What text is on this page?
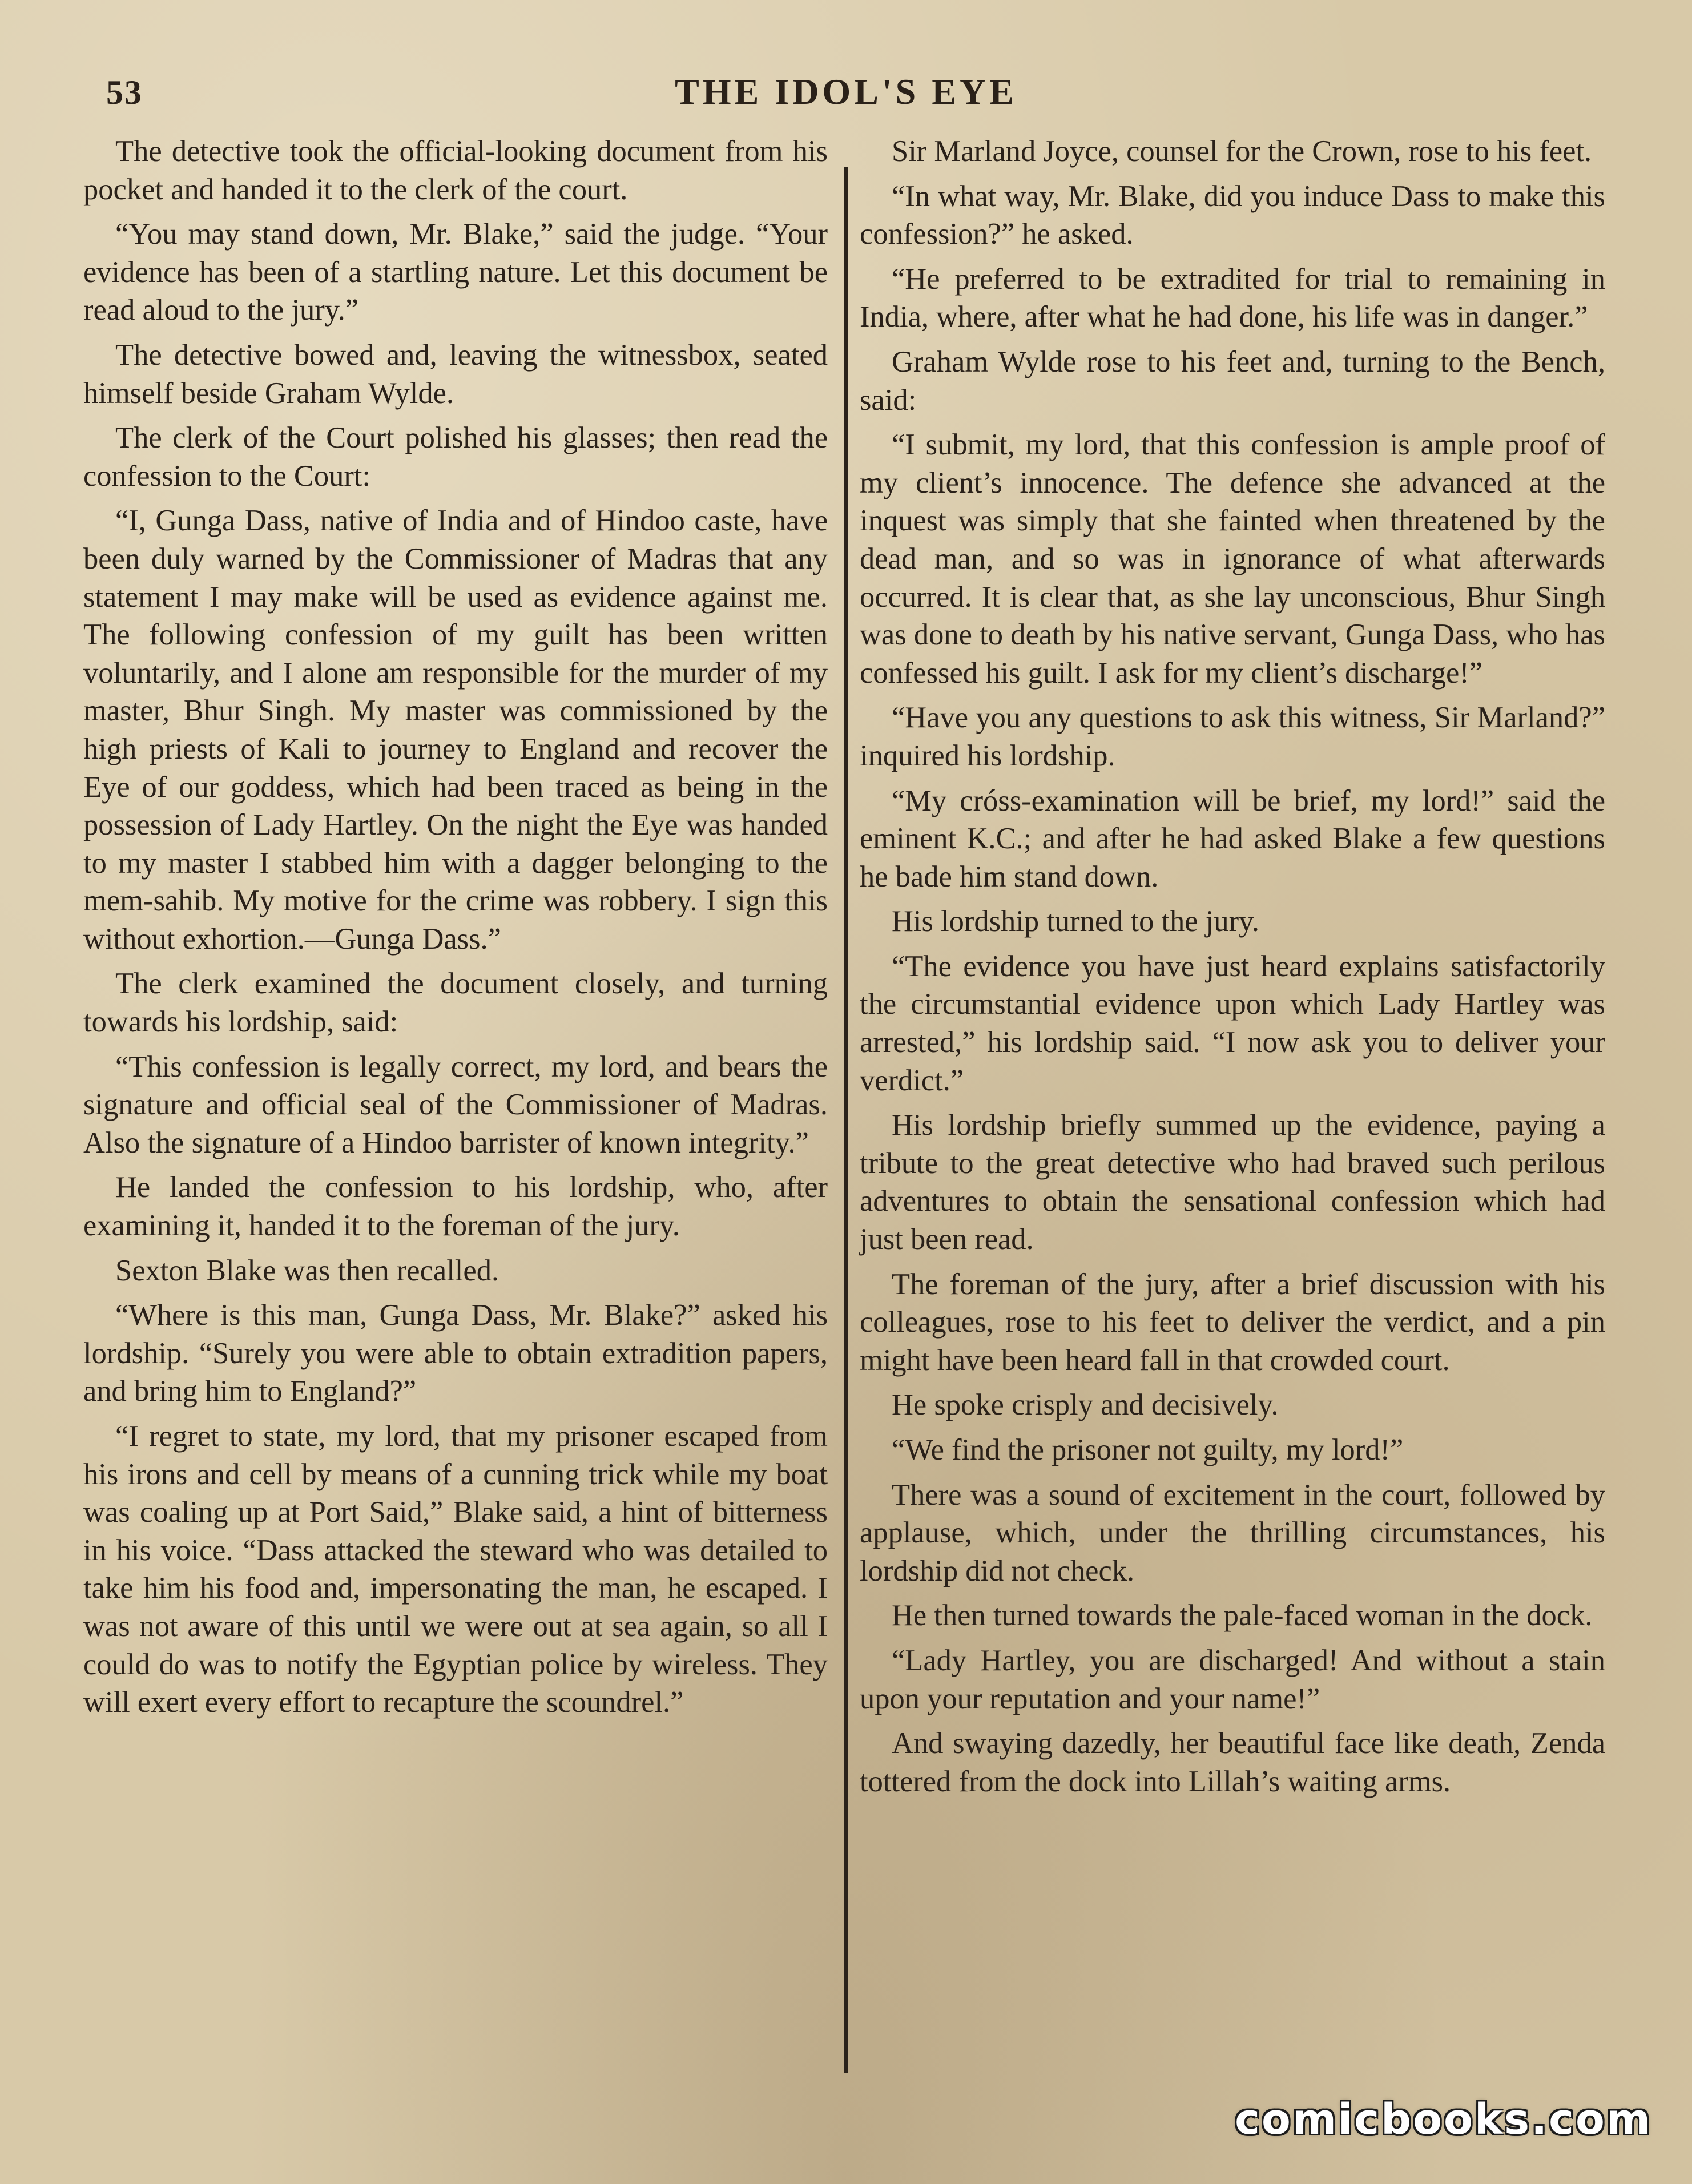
53	THE IDOL'S EYE

The detective took the official-looking document from his pocket and handed it to the clerk of the court.

“You may stand down, Mr. Blake,” said the judge. “Your evidence has been of a startling nature. Let this document be read aloud to the jury.”

The detective bowed and, leaving the witnessbox, seated himself beside Graham Wylde.

The clerk of the Court polished his glasses; then read the confession to the Court:

“I, Gunga Dass, native of India and of Hindoo caste, have been duly warned by the Commissioner of Madras that any statement I may make will be used as evidence against me. The following confession of my guilt has been written voluntarily, and I alone am responsible for the murder of my master, Bhur Singh. My master was commissioned by the high priests of Kali to journey to England and recover the Eye of our goddess, which had been traced as being in the possession of Lady Hartley. On the night the Eye was handed to my master I stabbed him with a dagger belonging to the mem-sahib. My motive for the crime was robbery. I sign this without exhortion.—Gunga Dass.”

The clerk examined the document closely, and turning towards his lordship, said:

“This confession is legally correct, my lord, and bears the signature and official seal of the Commissioner of Madras. Also the signature of a Hindoo barrister of known integrity.”

He landed the confession to his lordship, who, after examining it, handed it to the foreman of the jury.

Sexton Blake was then recalled.

“Where is this man, Gunga Dass, Mr. Blake?” asked his lordship. “Surely you were able to obtain extradition papers, and bring him to England?”

“I regret to state, my lord, that my prisoner escaped from his irons and cell by means of a cunning trick while my boat was coaling up at Port Said,” Blake said, a hint of bitterness in his voice. “Dass attacked the steward who was detailed to take him his food and, impersonating the man, he escaped. I was not aware of this until we were out at sea again, so all I could do was to notify the Egyptian police by wireless. They will exert every effort to recapture the scoundrel.”

Sir Marland Joyce, counsel for the Crown, rose to his feet.

“In what way, Mr. Blake, did you induce Dass to make this confession?” he asked.

“He preferred to be extradited for trial to remaining in India, where, after what he had done, his life was in danger.”

Graham Wylde rose to his feet and, turning to the Bench, said:

“I submit, my lord, that this confession is ample proof of my client’s innocence. The defence she advanced at the inquest was simply that she fainted when threatened by the dead man, and so was in ignorance of what afterwards occurred. It is clear that, as she lay unconscious, Bhur Singh was done to death by his native servant, Gunga Dass, who has confessed his guilt. I ask for my client’s discharge!”

“Have you any questions to ask this witness, Sir Marland?” inquired his lordship.

“My cróss-examination will be brief, my lord!” said the eminent K.C.; and after he had asked Blake a few questions he bade him stand down.

His lordship turned to the jury.

“The evidence you have just heard explains satisfactorily the circumstantial evidence upon which Lady Hartley was arrested,” his lordship said. “I now ask you to deliver your verdict.”

His lordship briefly summed up the evidence, paying a tribute to the great detective who had braved such perilous adventures to obtain the sensational confession which had just been read.

The foreman of the jury, after a brief discussion with his colleagues, rose to his feet to deliver the verdict, and a pin might have been heard fall in that crowded court.

He spoke crisply and decisively.

“We find the prisoner not guilty, my lord!”

There was a sound of excitement in the court, followed by applause, which, under the thrilling circumstances, his lordship did not check.

He then turned towards the pale-faced woman in the dock.

“Lady Hartley, you are discharged! And without a stain upon your reputation and your name!”

And swaying dazedly, her beautiful face like death, Zenda tottered from the dock into Lillah’s waiting arms.

comicbooks.com
